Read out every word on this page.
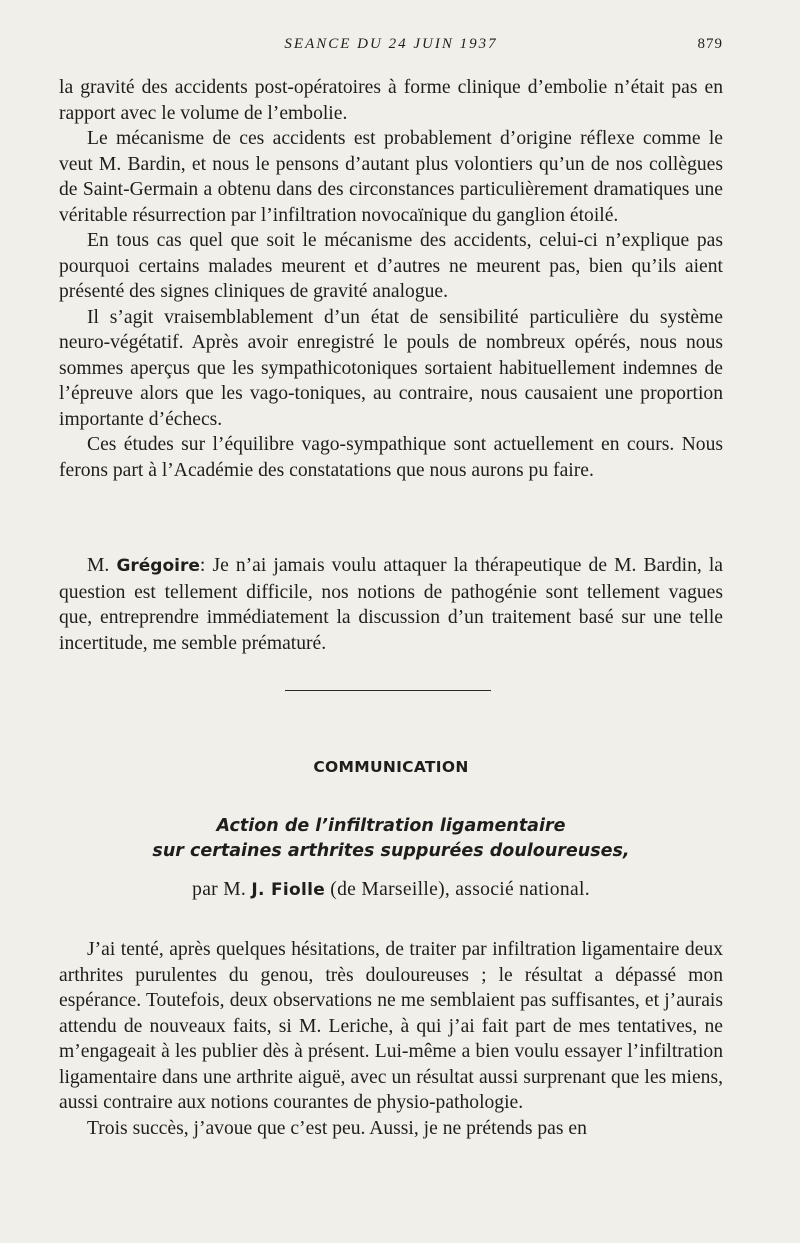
SEANCE DU 24 JUIN 1937	879

la gravité des accidents post-opératoires à forme clinique d’embolie n’était pas en rapport avec le volume de l’embolie.

Le mécanisme de ces accidents est probablement d’origine réflexe comme le veut M. Bardin, et nous le pensons d’autant plus volontiers qu’un de nos collègues de Saint-Germain a obtenu dans des circonstances particulièrement dramatiques une véritable résurrection par l’infiltration novocaïnique du ganglion étoilé.

En tous cas quel que soit le mécanisme des accidents, celui-ci n’explique pas pourquoi certains malades meurent et d’autres ne meurent pas, bien qu’ils aient présenté des signes cliniques de gravité analogue.

Il s’agit vraisemblablement d’un état de sensibilité particulière du système neuro-végétatif. Après avoir enregistré le pouls de nombreux opérés, nous nous sommes aperçus que les sympathicotoniques sortaient habituellement indemnes de l’épreuve alors que les vago-toniques, au contraire, nous causaient une proportion importante d’échecs.

Ces études sur l’équilibre vago-sympathique sont actuellement en cours. Nous ferons part à l’Académie des constatations que nous aurons pu faire.

M. Grégoire: Je n’ai jamais voulu attaquer la thérapeutique de M. Bardin, la question est tellement difficile, nos notions de pathogénie sont tellement vagues que, entreprendre immédiatement la discussion d’un traitement basé sur une telle incertitude, me semble prématuré.

COMMUNICATION
Action de l’infiltration ligamentaire
sur certaines arthrites suppurées douloureuses,
par M. J. Fiolle (de Marseille), associé national.

J’ai tenté, après quelques hésitations, de traiter par infiltration ligamentaire deux arthrites purulentes du genou, très douloureuses ; le résultat a dépassé mon espérance. Toutefois, deux observations ne me semblaient pas suffisantes, et j’aurais attendu de nouveaux faits, si M. Leriche, à qui j’ai fait part de mes tentatives, ne m’engageait à les publier dès à présent. Lui-même a bien voulu essayer l’infiltration ligamentaire dans une arthrite aiguë, avec un résultat aussi surprenant que les miens, aussi contraire aux notions courantes de physio-pathologie.

Trois succès, j’avoue que c’est peu. Aussi, je ne prétends pas en
